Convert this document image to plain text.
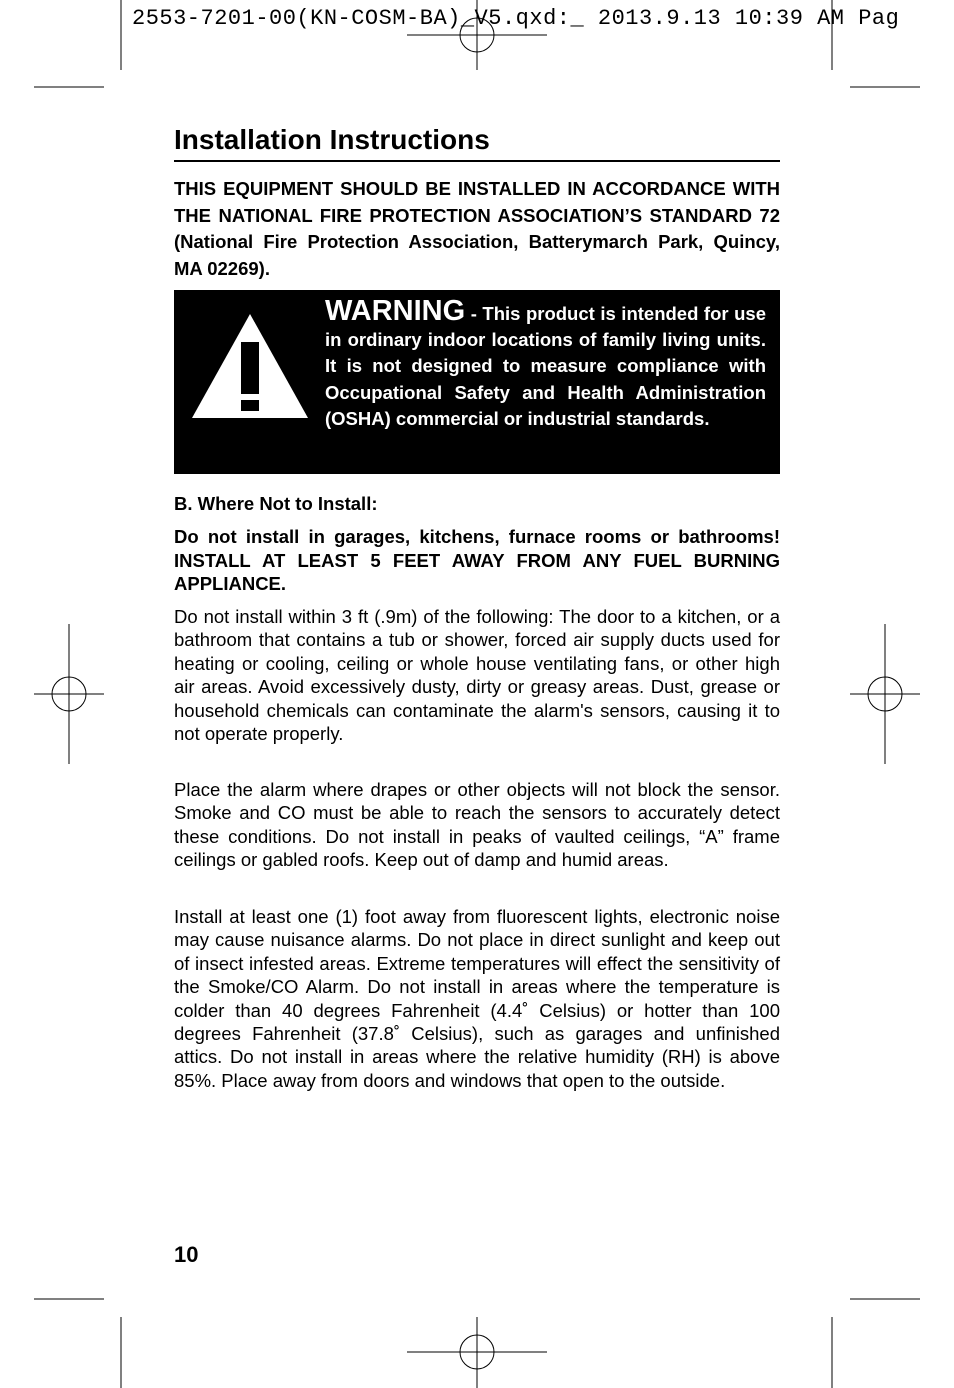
2553-7201-00(KN-COSM-BA)_V5.qxd:_ 2013.9.13 10:39 AM Pag
Installation Instructions
THIS EQUIPMENT SHOULD BE INSTALLED IN ACCORDANCE WITH THE NATIONAL FIRE PROTECTION ASSOCIATION’S STANDARD 72 (National Fire Protection Association, Batterymarch Park, Quincy, MA 02269).
WARNING - This product is intended for use in ordinary indoor locations of family living units. It is not designed to measure compliance with Occupational Safety and Health Administration (OSHA) commercial or industrial standards.
B. Where Not to Install:
Do not install in garages, kitchens, furnace rooms or bathrooms! INSTALL AT LEAST 5 FEET AWAY FROM ANY FUEL BURNING APPLIANCE.
Do not install within 3 ft (.9m) of the following: The door to a kitchen, or a bathroom that contains a tub or shower, forced air supply ducts used for heating or cooling, ceiling or whole house ventilating fans, or other high air areas. Avoid excessively dusty, dirty or greasy areas. Dust, grease or household chemicals can contaminate the alarm's sensors, causing it to not operate properly.
Place the alarm where drapes or other objects will not block the sensor. Smoke and CO must be able to reach the sensors to accurately detect these conditions. Do not install in peaks of vaulted ceilings, “A” frame ceilings or gabled roofs. Keep out of damp and humid areas.
Install at least one (1) foot away from fluorescent lights, electronic noise may cause nuisance alarms. Do not place in direct sunlight and keep out of insect infested areas. Extreme temperatures will effect the sensitivity of the Smoke/CO Alarm. Do not install in areas where the temperature is colder than 40 degrees Fahrenheit (4.4˚ Celsius) or hotter than 100 degrees Fahrenheit (37.8˚ Celsius), such as garages and unfinished attics. Do not install in areas where the relative humidity (RH) is above 85%. Place away from doors and windows that open to the outside.
10
